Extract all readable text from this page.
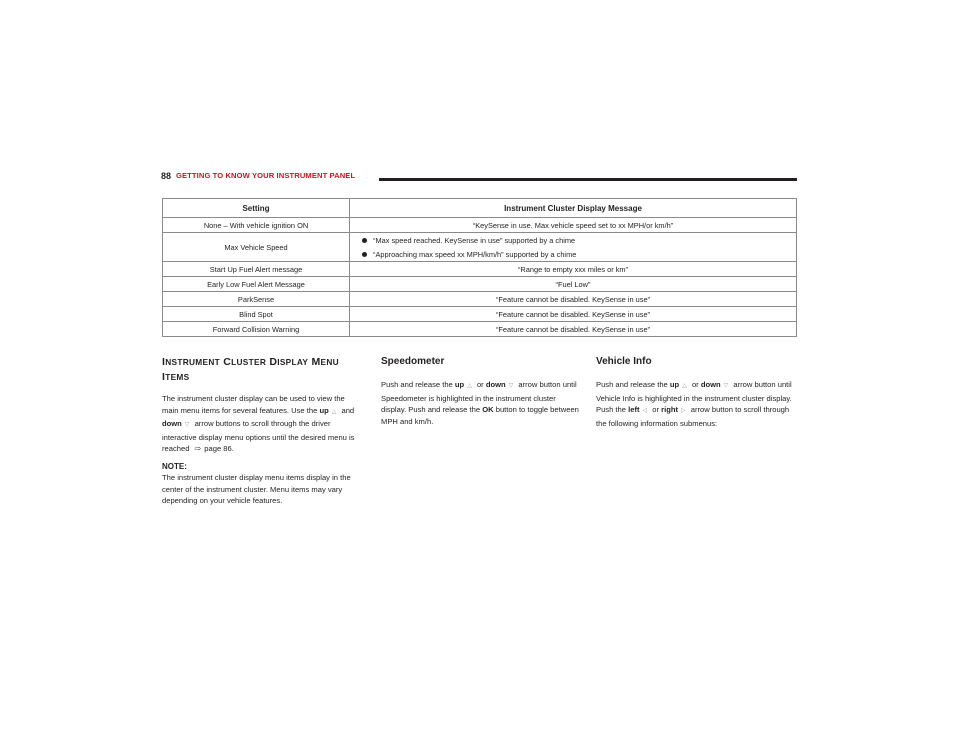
88 GETTING TO KNOW YOUR INSTRUMENT PANEL
Setting	Instrument Cluster Display Message
None – With vehicle ignition ON	“KeySense in use. Max vehicle speed set to xx MPH/or km/h”
Max Vehicle Speed	“Max speed reached. KeySense in use” supported by a chime
“Approaching max speed xx MPH/km/h” supported by a chime

Start Up Fuel Alert message	“Range to empty xxx miles or km”
Early Low Fuel Alert Message	“Fuel Low”
ParkSense	“Feature cannot be disabled. KeySense in use”
Blind Spot	“Feature cannot be disabled. KeySense in use”
Forward Collision Warning	“Feature cannot be disabled. KeySense in use”
INSTRUMENT CLUSTER DISPLAY MENU
ITEMS

The instrument cluster display can be used to view the main menu items for several features. Use the up △ and down ▽ arrow buttons to scroll through the driver interactive display menu options until the desired menu is reached ⇨ page 86.

NOTE:

The instrument cluster display menu items display in the center of the instrument cluster. Menu items may vary depending on your vehicle features.

Speedometer

Push and release the up △ or down ▽ arrow button until Speedometer is highlighted in the instrument cluster display. Push and release the OK button to toggle between MPH and km/h.

Vehicle Info

Push and release the up △ or down ▽ arrow button until Vehicle Info is highlighted in the instrument cluster display. Push the left ◁ or right ▷ arrow button to scroll through the following information submenus:
